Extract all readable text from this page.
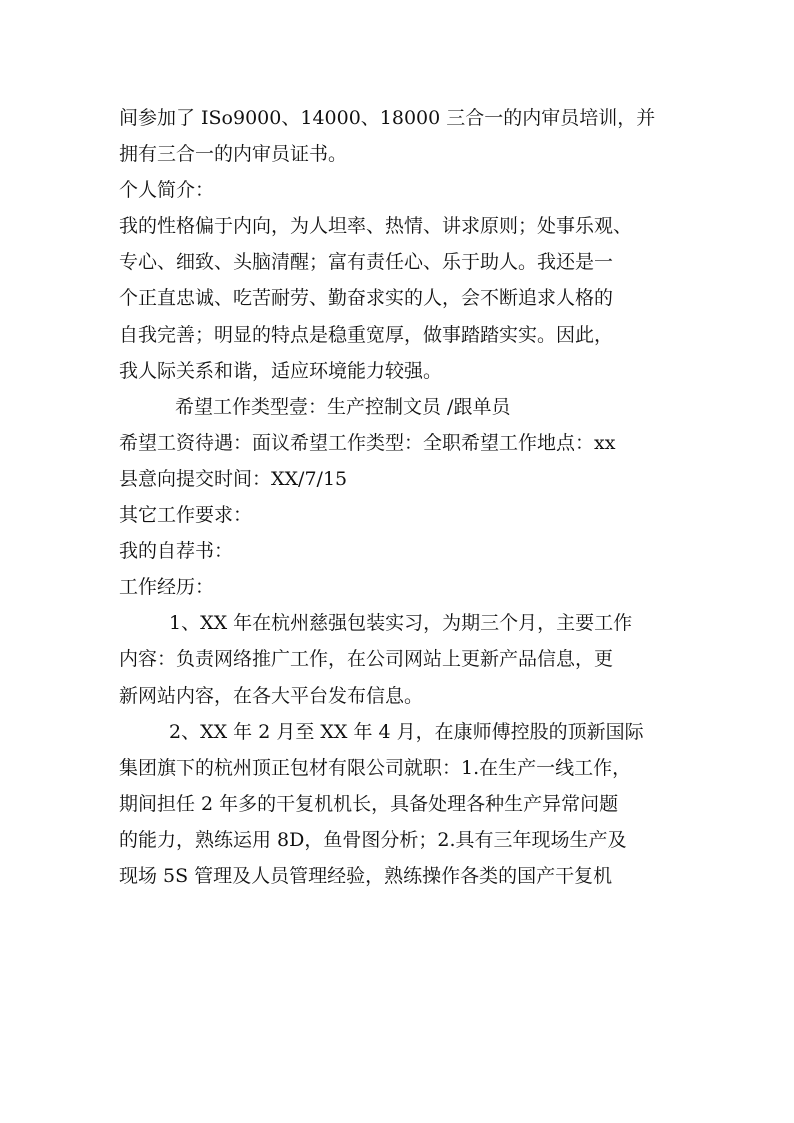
间参加了 ISo9000、14000、18000 三合一的内审员培训，并
拥有三合一的内审员证书。
个人简介：
我的性格偏于内向，为人坦率、热情、讲求原则；处事乐观、
专心、细致、头脑清醒；富有责任心、乐于助人。我还是一
个正直忠诚、吃苦耐劳、勤奋求实的人，会不断追求人格的
自我完善；明显的特点是稳重宽厚，做事踏踏实实。因此，
我人际关系和谐，适应环境能力较强。
希望工作类型壹：生产控制文员 /跟单员
希望工资待遇：面议希望工作类型：全职希望工作地点：xx
县意向提交时间：XX/7/15
其它工作要求：
我的自荐书：
工作经历：
1、XX 年在杭州慈强包装实习，为期三个月，主要工作
内容：负责网络推广工作，在公司网站上更新产品信息，更
新网站内容，在各大平台发布信息。
2、XX 年 2 月至 XX 年 4 月，在康师傅控股的顶新国际
集团旗下的杭州顶正包材有限公司就职：1.在生产一线工作，
期间担任 2 年多的干复机机长，具备处理各种生产异常问题
的能力，熟练运用 8D，鱼骨图分析；2.具有三年现场生产及
现场 5S 管理及人员管理经验，熟练操作各类的国产干复机
